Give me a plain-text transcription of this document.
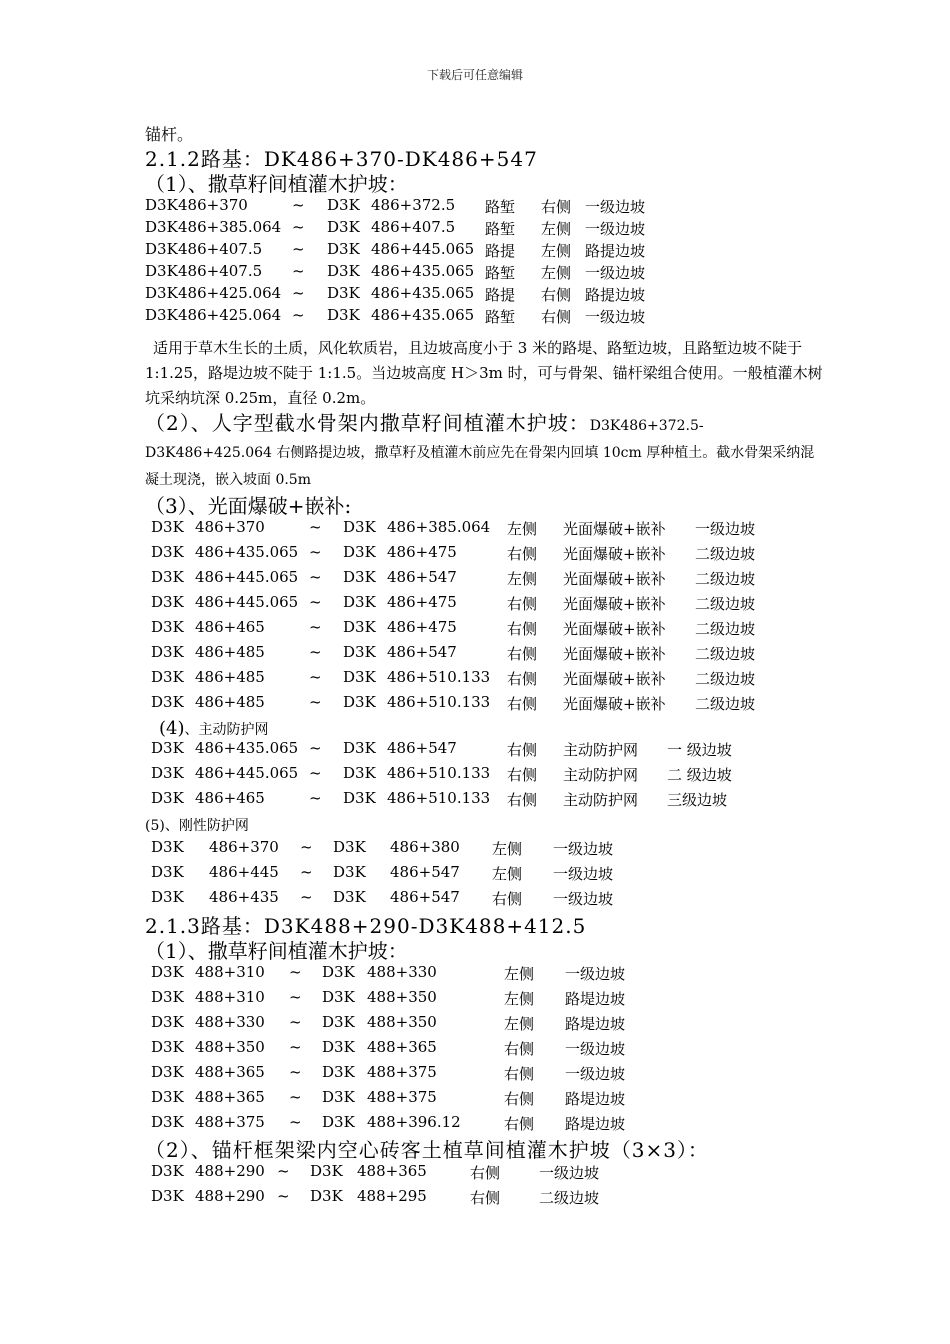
下载后可任意编辑
锚杆。
2.1.2路基：DK486+370-DK486+547
（1）、撒草籽间植灌木护坡：
D3K 486+370	~ D3K 486+372.5 路堑 右侧 一级边坡
D3K 486+385.064 ~ D3K 486+407.5 路堑 左侧 一级边坡
D3K 486+407.5 ~ D3K 486+445.065 路提 左侧 路提边坡
D3K 486+407.5 ~ D3K 486+435.065 路堑 左侧 一级边坡
D3K 486+425.064 ~ D3K 486+435.065 路提 右侧 路提边坡
D3K 486+425.064 ~ D3K 486+435.065 路堑 右侧 一级边坡
适用于草木生长的土质，风化软质岩，且边坡高度小于 3 米的路堤、路堑边坡，且路堑边坡不陡于 1:1.25，路堤边坡不陡于 1:1.5。当边坡高度 H＞3m 时，可与骨架、锚杆梁组合使用。一般植灌木树坑采纳坑深 0.25m，直径 0.2m。
（2）、人字型截水骨架内撒草籽间植灌木护坡：D3K486+372.5-D3K486+425.064 右侧路提边坡，撒草籽及植灌木前应先在骨架内回填 10cm 厚种植土。截水骨架采纳混凝土现浇，嵌入坡面 0.5m
（3）、光面爆破+嵌补:
D3K 486+370	~ D3K 486+385.064 左侧 光面爆破+嵌补 一级边坡
D3K 486+435.065 ~ D3K 486+475	右侧 光面爆破+嵌补 二级边坡
D3K 486+445.065 ~ D3K 486+547	左侧 光面爆破+嵌补 二级边坡
D3K 486+445.065 ~ D3K 486+475	右侧 光面爆破+嵌补 二级边坡
D3K 486+465	~ D3K 486+475	右侧 光面爆破+嵌补 二级边坡
D3K 486+485	~ D3K 486+547	右侧 光面爆破+嵌补 二级边坡
D3K 486+485	~ D3K 486+510.133 右侧 光面爆破+嵌补 二级边坡
D3K 486+485	~ D3K 486+510.133 右侧 光面爆破+嵌补 二级边坡
(4)、主动防护网
D3K 486+435.065 ~ D3K 486+547	右侧 主动防护网 一 级边坡
D3K 486+445.065 ~ D3K 486+510.133 右侧 主动防护网 二 级边坡
D3K 486+465	~ D3K 486+510.133 右侧 主动防护网 三级边坡
(5)、刚性防护网
D3K 486+370 ~ D3K 486+380 左侧 一级边坡
D3K 486+445 ~ D3K 486+547 左侧 一级边坡
D3K 486+435 ~ D3K 486+547 右侧 一级边坡
2.1.3路基：D3K488+290-D3K488+412.5
（1）、撒草籽间植灌木护坡：
D3K 488+310 ~ D3K 488+330	左侧 一级边坡
D3K 488+310 ~ D3K 488+350	左侧 路堤边坡
D3K 488+330 ~ D3K 488+350	左侧 路堤边坡
D3K 488+350 ~ D3K 488+365	右侧 一级边坡
D3K 488+365 ~ D3K 488+375	右侧 一级边坡
D3K 488+365 ~ D3K 488+375	右侧 路堤边坡
D3K 488+375 ~ D3K 488+396.12	右侧 路堤边坡
（2）、锚杆框架梁内空心砖客土植草间植灌木护坡（3×3）：
D3K 488+290 ~ D3K 488+365	右侧	一级边坡
D3K 488+290 ~ D3K 488+295	右侧	二级边坡
